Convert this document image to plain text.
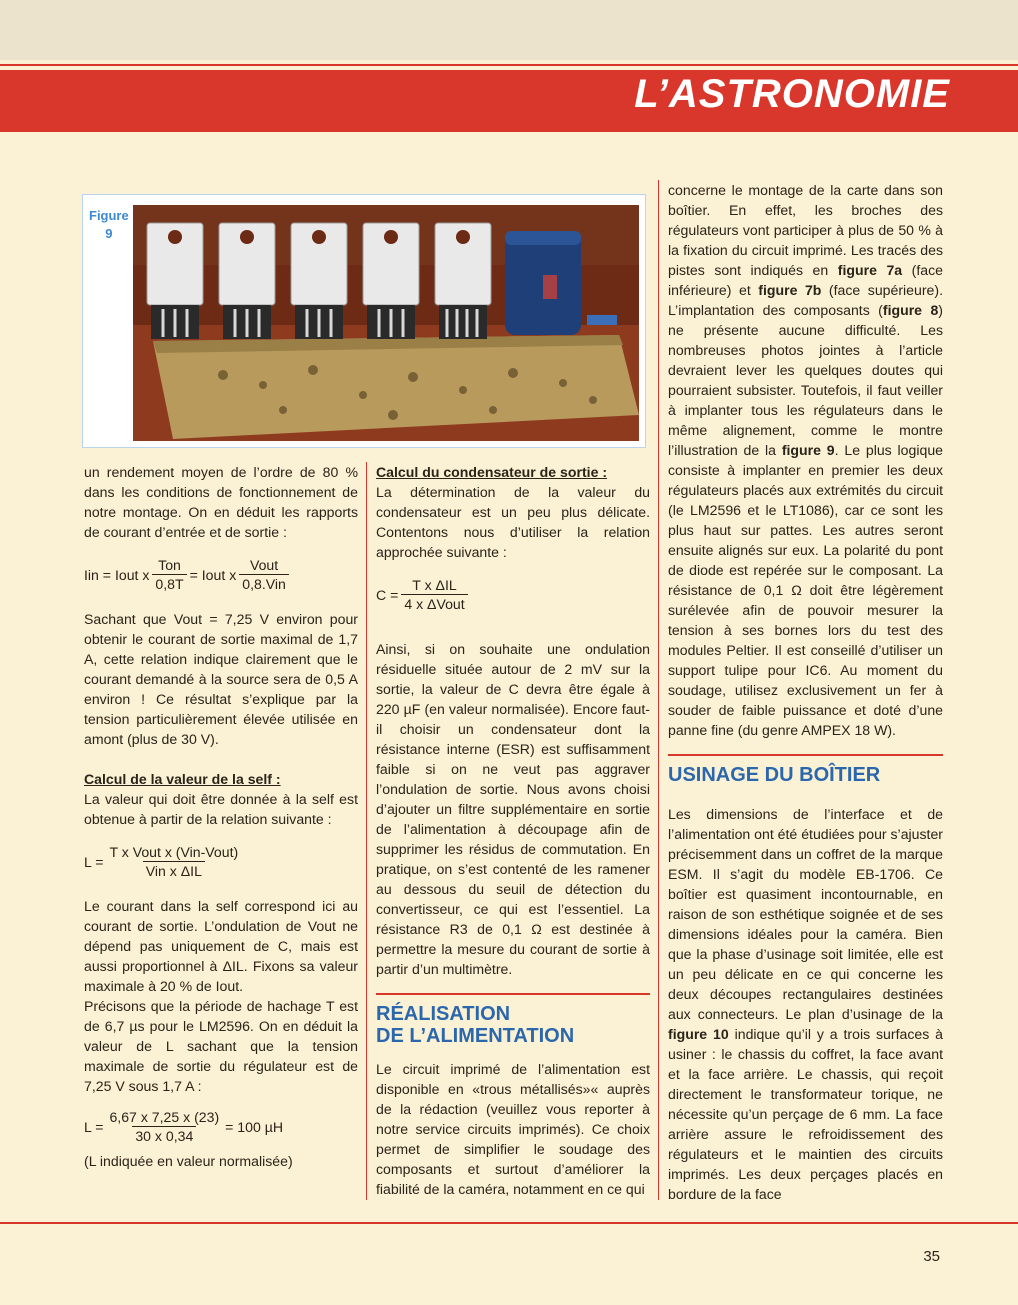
L’ASTRONOMIE
Figure
9

un rendement moyen de l’ordre de 80 % dans les conditions de fonctionnement de notre montage. On en déduit les rapports de courant d’entrée et de sortie :

Iin = Iout x $\frac{\text{Ton}}{0,8T}$ = Iout x $\frac{\text{Vout}}{\text{0,8.Vin}}$

Sachant que Vout = 7,25 V environ pour obtenir le courant de sortie maximal de 1,7 A, cette relation indique clairement que le courant demandé à la source sera de 0,5 A environ ! Ce résultat s’explique par la tension particulièrement élevée utilisée en amont (plus de 30 V).

Calcul de la valeur de la self :

La valeur qui doit être donnée à la self est obtenue à partir de la relation suivante :

$L = \frac{\text{T x Vout x (Vin-Vout)}}{\text{Vin x ΔIL}}$

Le courant dans la self correspond ici au courant de sortie. L’ondulation de Vout ne dépend pas uniquement de C, mais est aussi proportionnel à ΔIL. Fixons sa valeur maximale à 20 % de Iout.

Précisons que la période de hachage T est de 6,7 µs pour le LM2596. On en déduit la valeur de L sachant que la tension maximale de sortie du régulateur est de 7,25 V sous 1,7 A :

$L = \frac{6,67 x 7,25 x (23)}{30 x 0,34} = 100$ µH

(L indiquée en valeur normalisée)

Calcul du condensateur de sortie :

La détermination de la valeur du condensateur est un peu plus délicate. Contentons nous d’utiliser la relation approchée suivante :

$C = \frac{\text{T x ΔIL}}{\text{4 x ΔVout}}$

Ainsi, si on souhaite une ondulation résiduelle située autour de 2 mV sur la sortie, la valeur de C devra être égale à 220 µF (en valeur normalisée). Encore faut-il choisir un condensateur dont la résistance interne (ESR) est suffisamment faible si on ne veut pas aggraver l’ondulation de sortie. Nous avons choisi d’ajouter un filtre supplémentaire en sortie de l’alimentation à découpage afin de supprimer les résidus de commutation. En pratique, on s’est contenté de les ramener au dessous du seuil de détection du convertisseur, ce qui est l’essentiel. La résistance R3 de 0,1 Ω est destinée à permettre la mesure du courant de sortie à partir d’un multimètre.

RÉALISATION
DE L’ALIMENTATION

Le circuit imprimé de l’alimentation est disponible en «trous métallisés»« auprès de la rédaction (veuillez vous reporter à notre service circuits imprimés). Ce choix permet de simplifier le soudage des composants et surtout d’améliorer la fiabilité de la caméra, notamment en ce qui

concerne le montage de la carte dans son boîtier. En effet, les broches des régulateurs vont participer à plus de 50 % à la fixation du circuit imprimé. Les tracés des pistes sont indiqués en figure 7a (face inférieure) et figure 7b (face supérieure). L’implantation des composants (figure 8) ne présente aucune difficulté. Les nombreuses photos jointes à l’article devraient lever les quelques doutes qui pourraient subsister. Toutefois, il faut veiller à implanter tous les régulateurs dans le même alignement, comme le montre l’illustration de la figure 9. Le plus logique consiste à implanter en premier les deux régulateurs placés aux extrémités du circuit (le LM2596 et le LT1086), car ce sont les plus haut sur pattes. Les autres seront ensuite alignés sur eux. La polarité du pont de diode est repérée sur le composant. La résistance de 0,1 Ω doit être légèrement surélevée afin de pouvoir mesurer la tension à ses bornes lors du test des modules Peltier. Il est conseillé d’utiliser un support tulipe pour IC6. Au moment du soudage, utilisez exclusivement un fer à souder de faible puissance et doté d’une panne fine (du genre AMPEX 18 W).

USINAGE DU BOÎTIER

Les dimensions de l’interface et de l’alimentation ont été étudiées pour s’ajuster précisemment dans un coffret de la marque ESM. Il s’agit du modèle EB-1706. Ce boîtier est quasiment incontournable, en raison de son esthétique soignée et de ses dimensions idéales pour la caméra. Bien que la phase d’usinage soit limitée, elle est un peu délicate en ce qui concerne les deux découpes rectangulaires destinées aux connecteurs. Le plan d’usinage de la figure 10 indique qu’il y a trois surfaces à usiner : le chassis du coffret, la face avant et la face arrière. Le chassis, qui reçoit directement le transformateur torique, ne nécessite qu’un perçage de 6 mm. La face arrière assure le refroidissement des régulateurs et le maintien des circuits imprimés. Les deux perçages placés en bordure de la face

35
